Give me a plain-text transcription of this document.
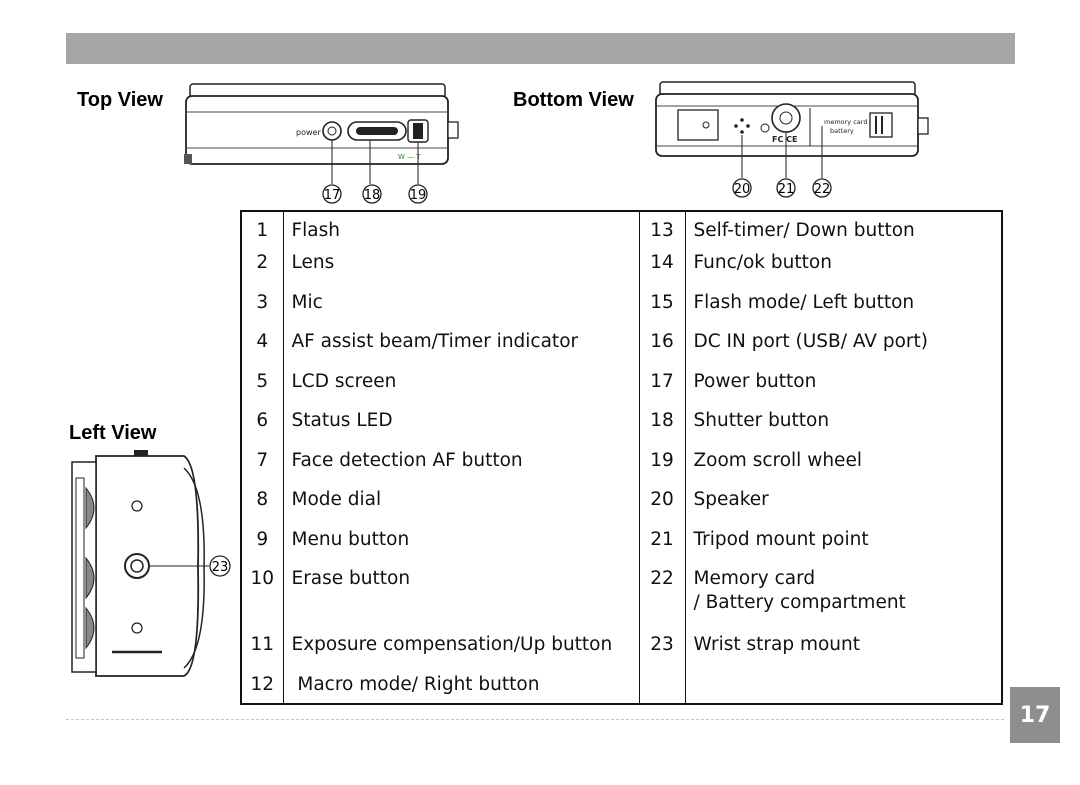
Top View	Bottom View
Left View
power
W — T
17 18 19
FC CE
memory card
battery
20 21 22
23
1	Flash	13	Self-timer/ Down button
2	Lens	14	Func/ok button
3	Mic	15	Flash mode/ Left button
4	AF assist beam/Timer indicator	16	DC IN port (USB/ AV port)
5	LCD screen	17	Power button
6	Status LED	18	Shutter button
7	Face detection AF button	19	Zoom scroll wheel
8	Mode dial	20	Speaker
9	Menu button	21	Tripod mount point
10	Erase button	22	Memory card
/ Battery compartment

11	Exposure compensation/Up button	23	Wrist strap mount
12	Macro mode/ Right button		
17
